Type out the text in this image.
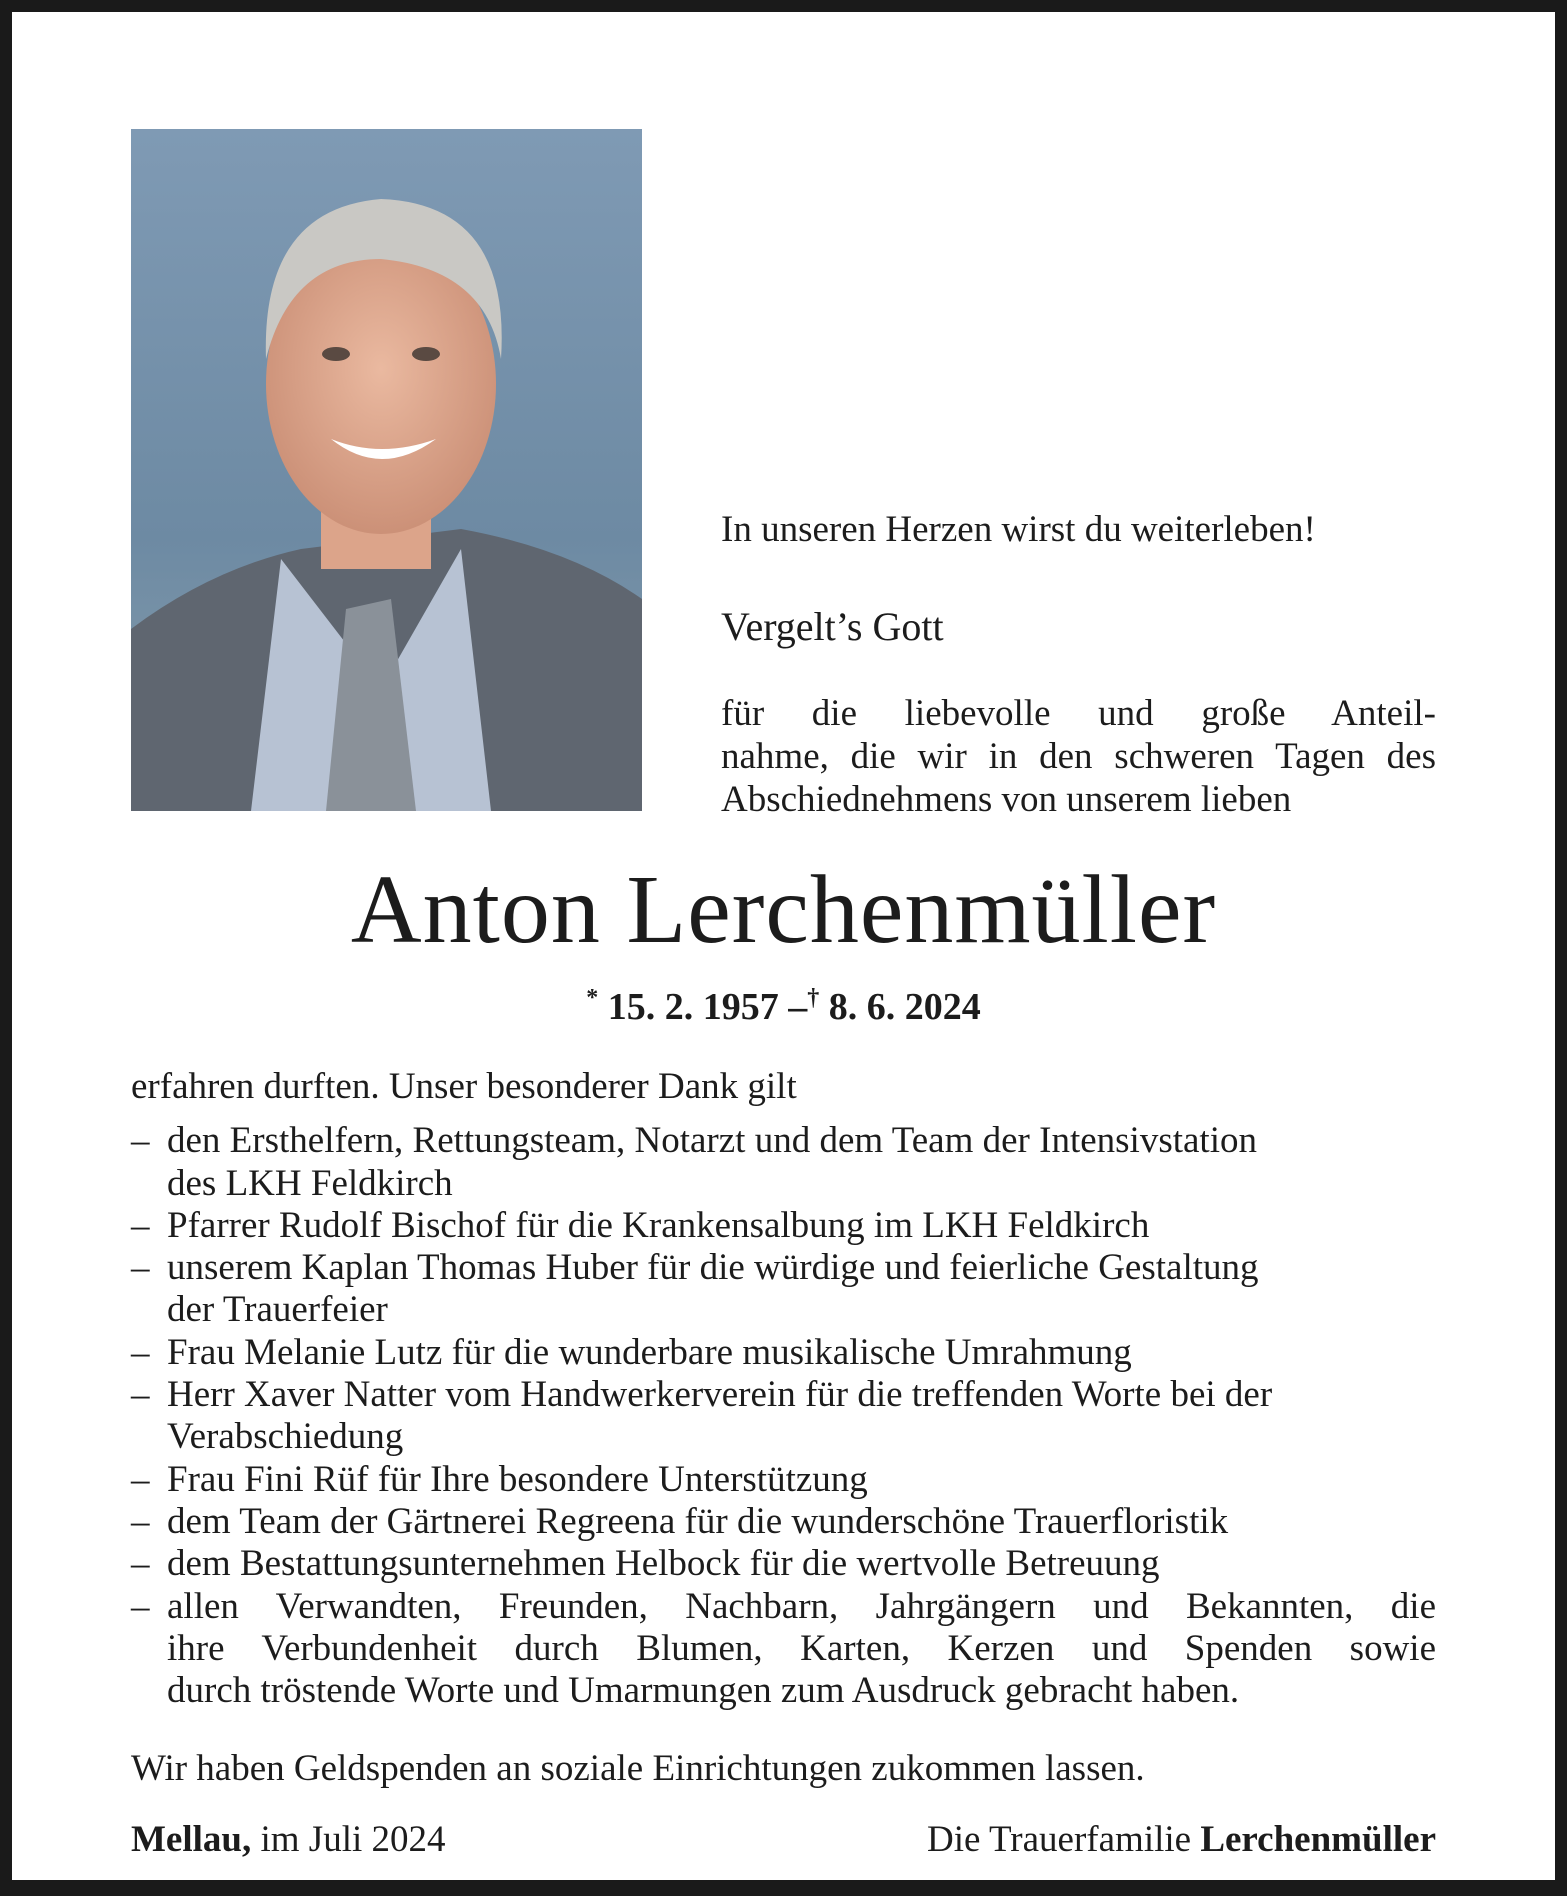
In unseren Herzen wirst du weiterleben!
Vergelt’s Gott
für die liebevolle und große Anteil-
nahme, die wir in den schweren Tagen des
Abschiednehmens von unserem lieben
Anton Lerchenmüller
* 15. 2. 1957 –† 8. 6. 2024
erfahren durften. Unser besonderer Dank gilt
– den Ersthelfern, Rettungsteam, Notarzt und dem Team der Intensivstation
des LKH Feldkirch
– Pfarrer Rudolf Bischof für die Krankensalbung im LKH Feldkirch
– unserem Kaplan Thomas Huber für die würdige und feierliche Gestaltung
der Trauerfeier
– Frau Melanie Lutz für die wunderbare musikalische Umrahmung
– Herr Xaver Natter vom Handwerkerverein für die treffenden Worte bei der
Verabschiedung
– Frau Fini Rüf für Ihre besondere Unterstützung
– dem Team der Gärtnerei Regreena für die wunderschöne Trauerfloristik
– dem Bestattungsunternehmen Helbock für die wertvolle Betreuung
– allen Verwandten, Freunden, Nachbarn, Jahrgängern und Bekannten, die
ihre Verbundenheit durch Blumen, Karten, Kerzen und Spenden sowie
durch tröstende Worte und Umarmungen zum Ausdruck gebracht haben.
Wir haben Geldspenden an soziale Einrichtungen zukommen lassen.
Mellau, im Juli 2024	Die Trauerfamilie Lerchenmüller
